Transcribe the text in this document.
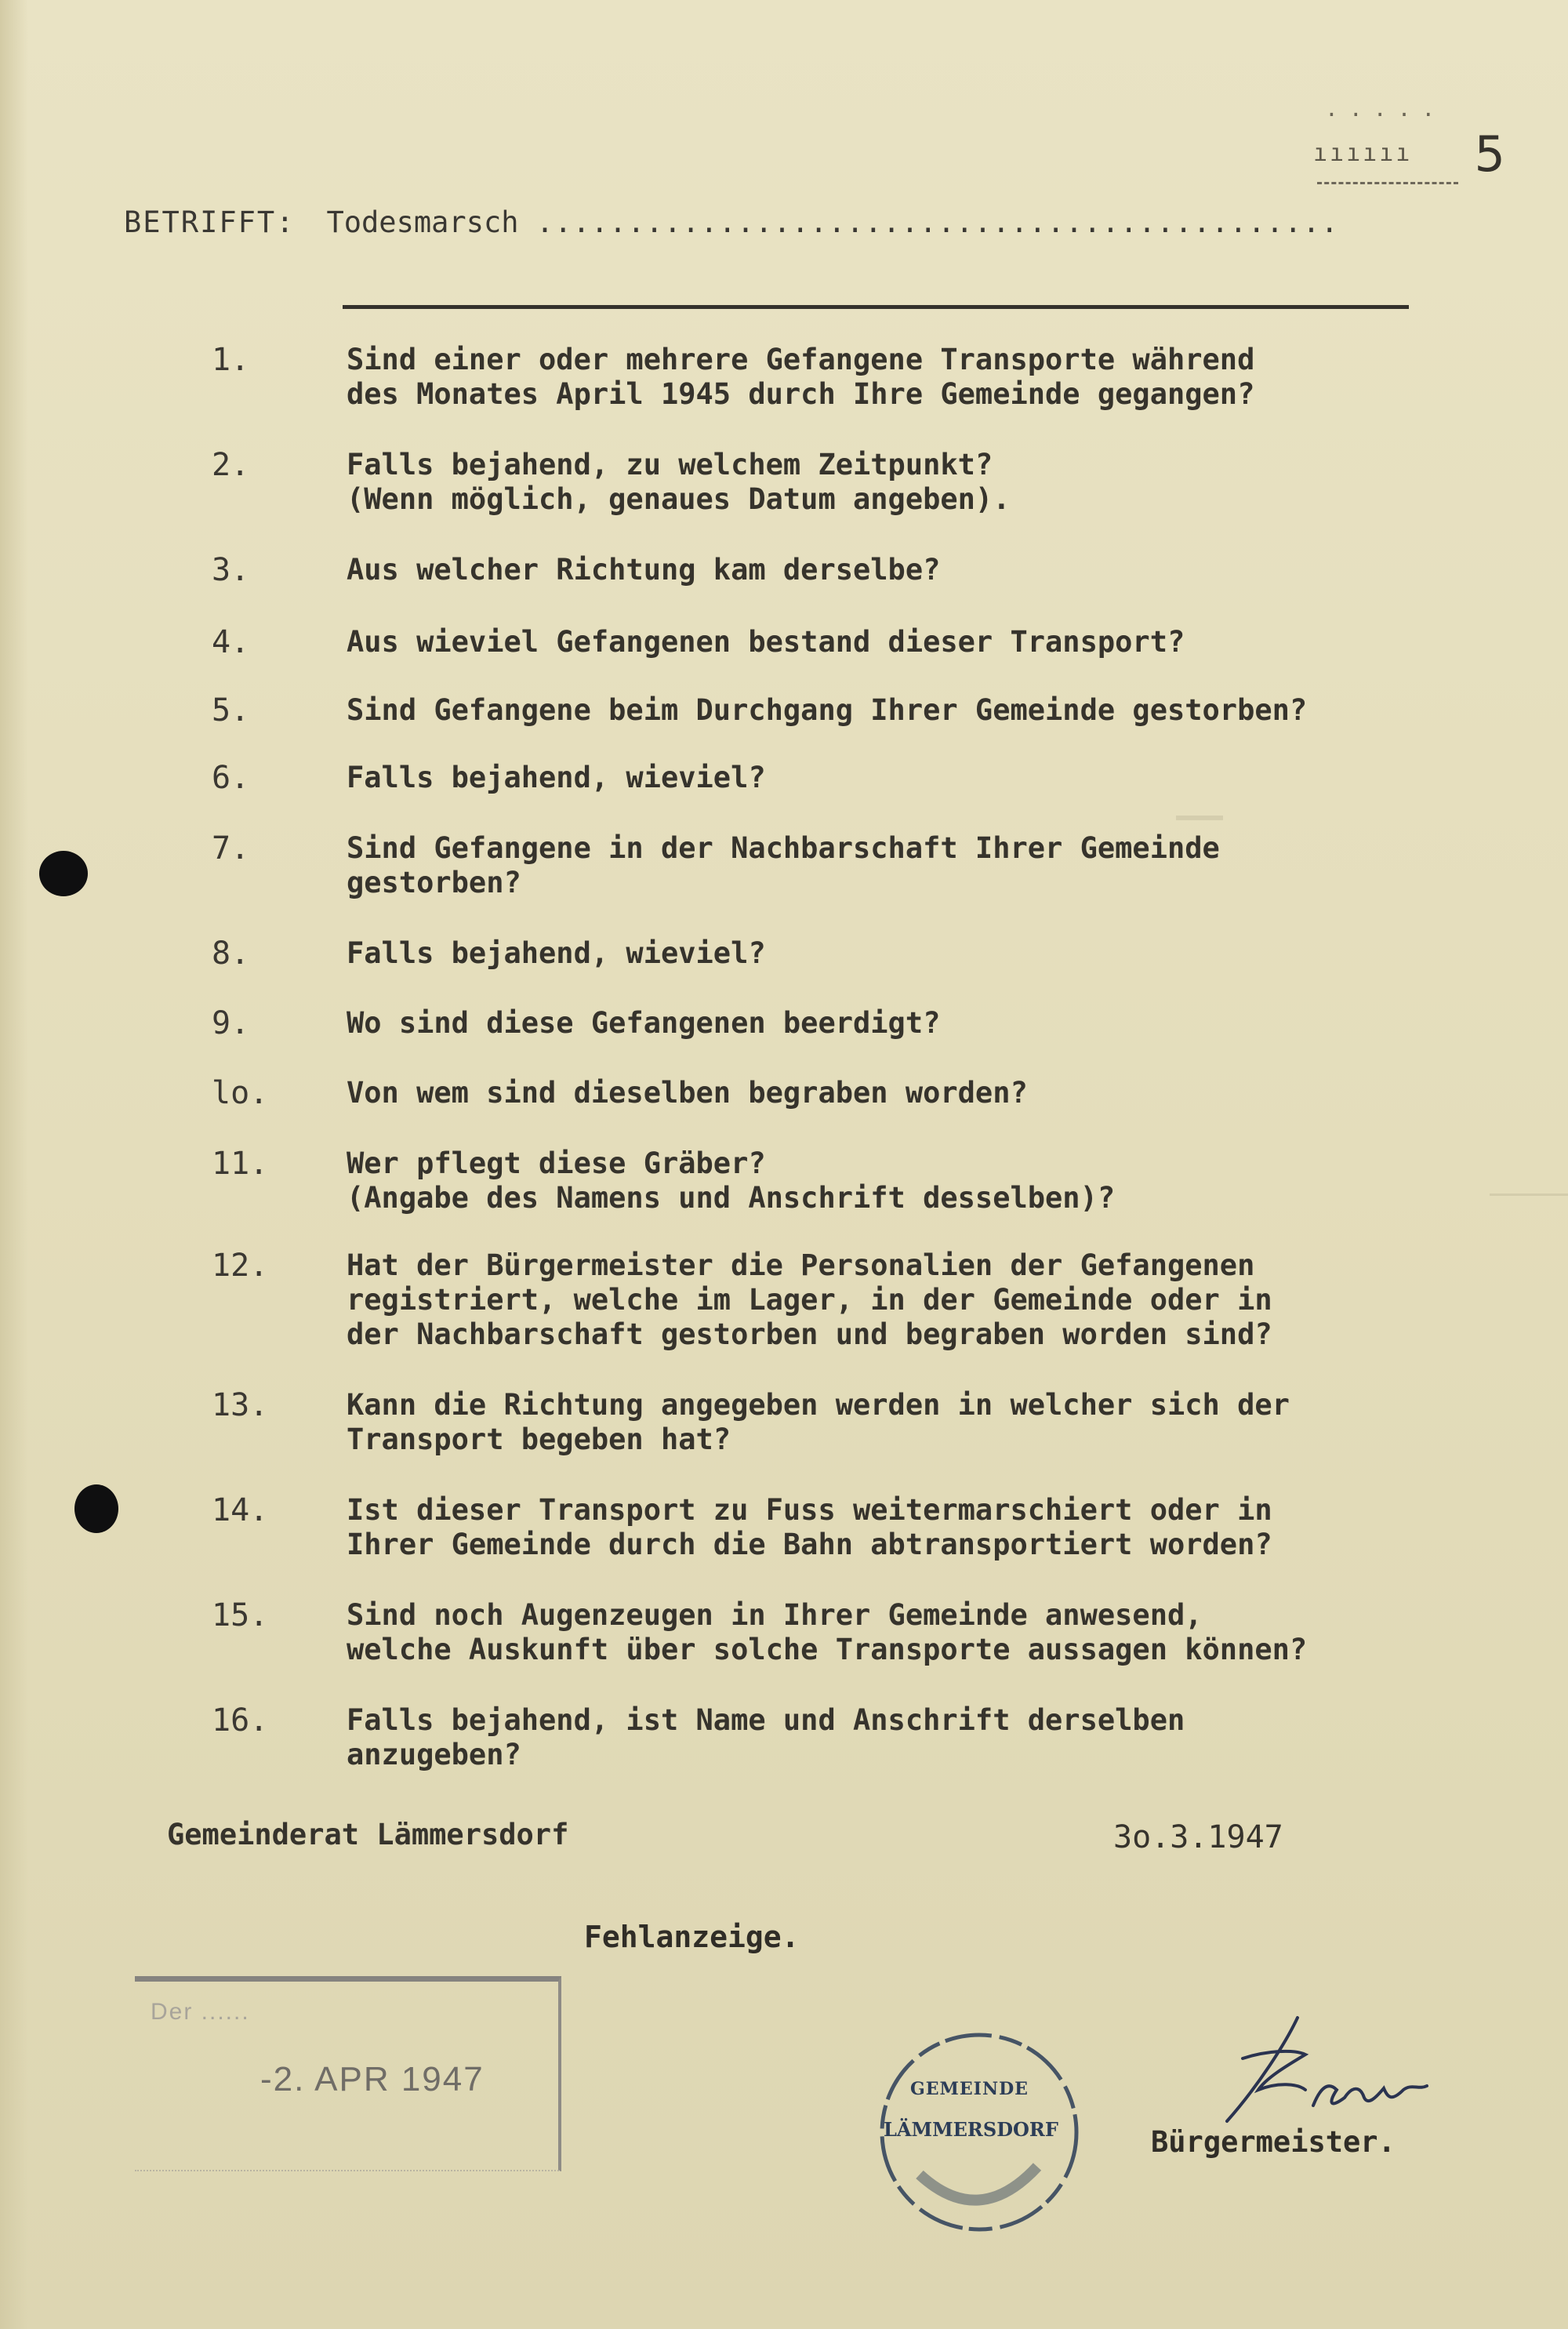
.....
ıııııı 5
BETRIFFT: Todesmarsch ............................................
1.	Sind einer oder mehrere Gefangene Transporte während
des Monates April 1945 durch Ihre Gemeinde gegangen?
2.	Falls bejahend, zu welchem Zeitpunkt?
(Wenn möglich, genaues Datum angeben).
3.	Aus welcher Richtung kam derselbe?
4.	Aus wieviel Gefangenen bestand dieser Transport?
5.	Sind Gefangene beim Durchgang Ihrer Gemeinde gestorben?
6.	Falls bejahend, wieviel?
7.	Sind Gefangene in der Nachbarschaft Ihrer Gemeinde
gestorben?
8.	Falls bejahend, wieviel?
9.	Wo sind diese Gefangenen beerdigt?
lo.	Von wem sind dieselben begraben worden?
11.	Wer pflegt diese Gräber?
(Angabe des Namens und Anschrift desselben)?
12.	Hat der Bürgermeister die Personalien der Gefangenen
registriert, welche im Lager, in der Gemeinde oder in
der Nachbarschaft gestorben und begraben worden sind?
13.	Kann die Richtung angegeben werden in welcher sich der
Transport begeben hat?
14.	Ist dieser Transport zu Fuss weitermarschiert oder in
Ihrer Gemeinde durch die Bahn abtransportiert worden?
15.	Sind noch Augenzeugen in Ihrer Gemeinde anwesend,
welche Auskunft über solche Transporte aussagen können?
16.	Falls bejahend, ist Name und Anschrift derselben
anzugeben?
Gemeinderat Lämmersdorf	3o.3.1947
Fehlanzeige.
Bürgermeister.
Der ......
-2. APR 1947	GEMEINDE
LÄMMERSDORF
